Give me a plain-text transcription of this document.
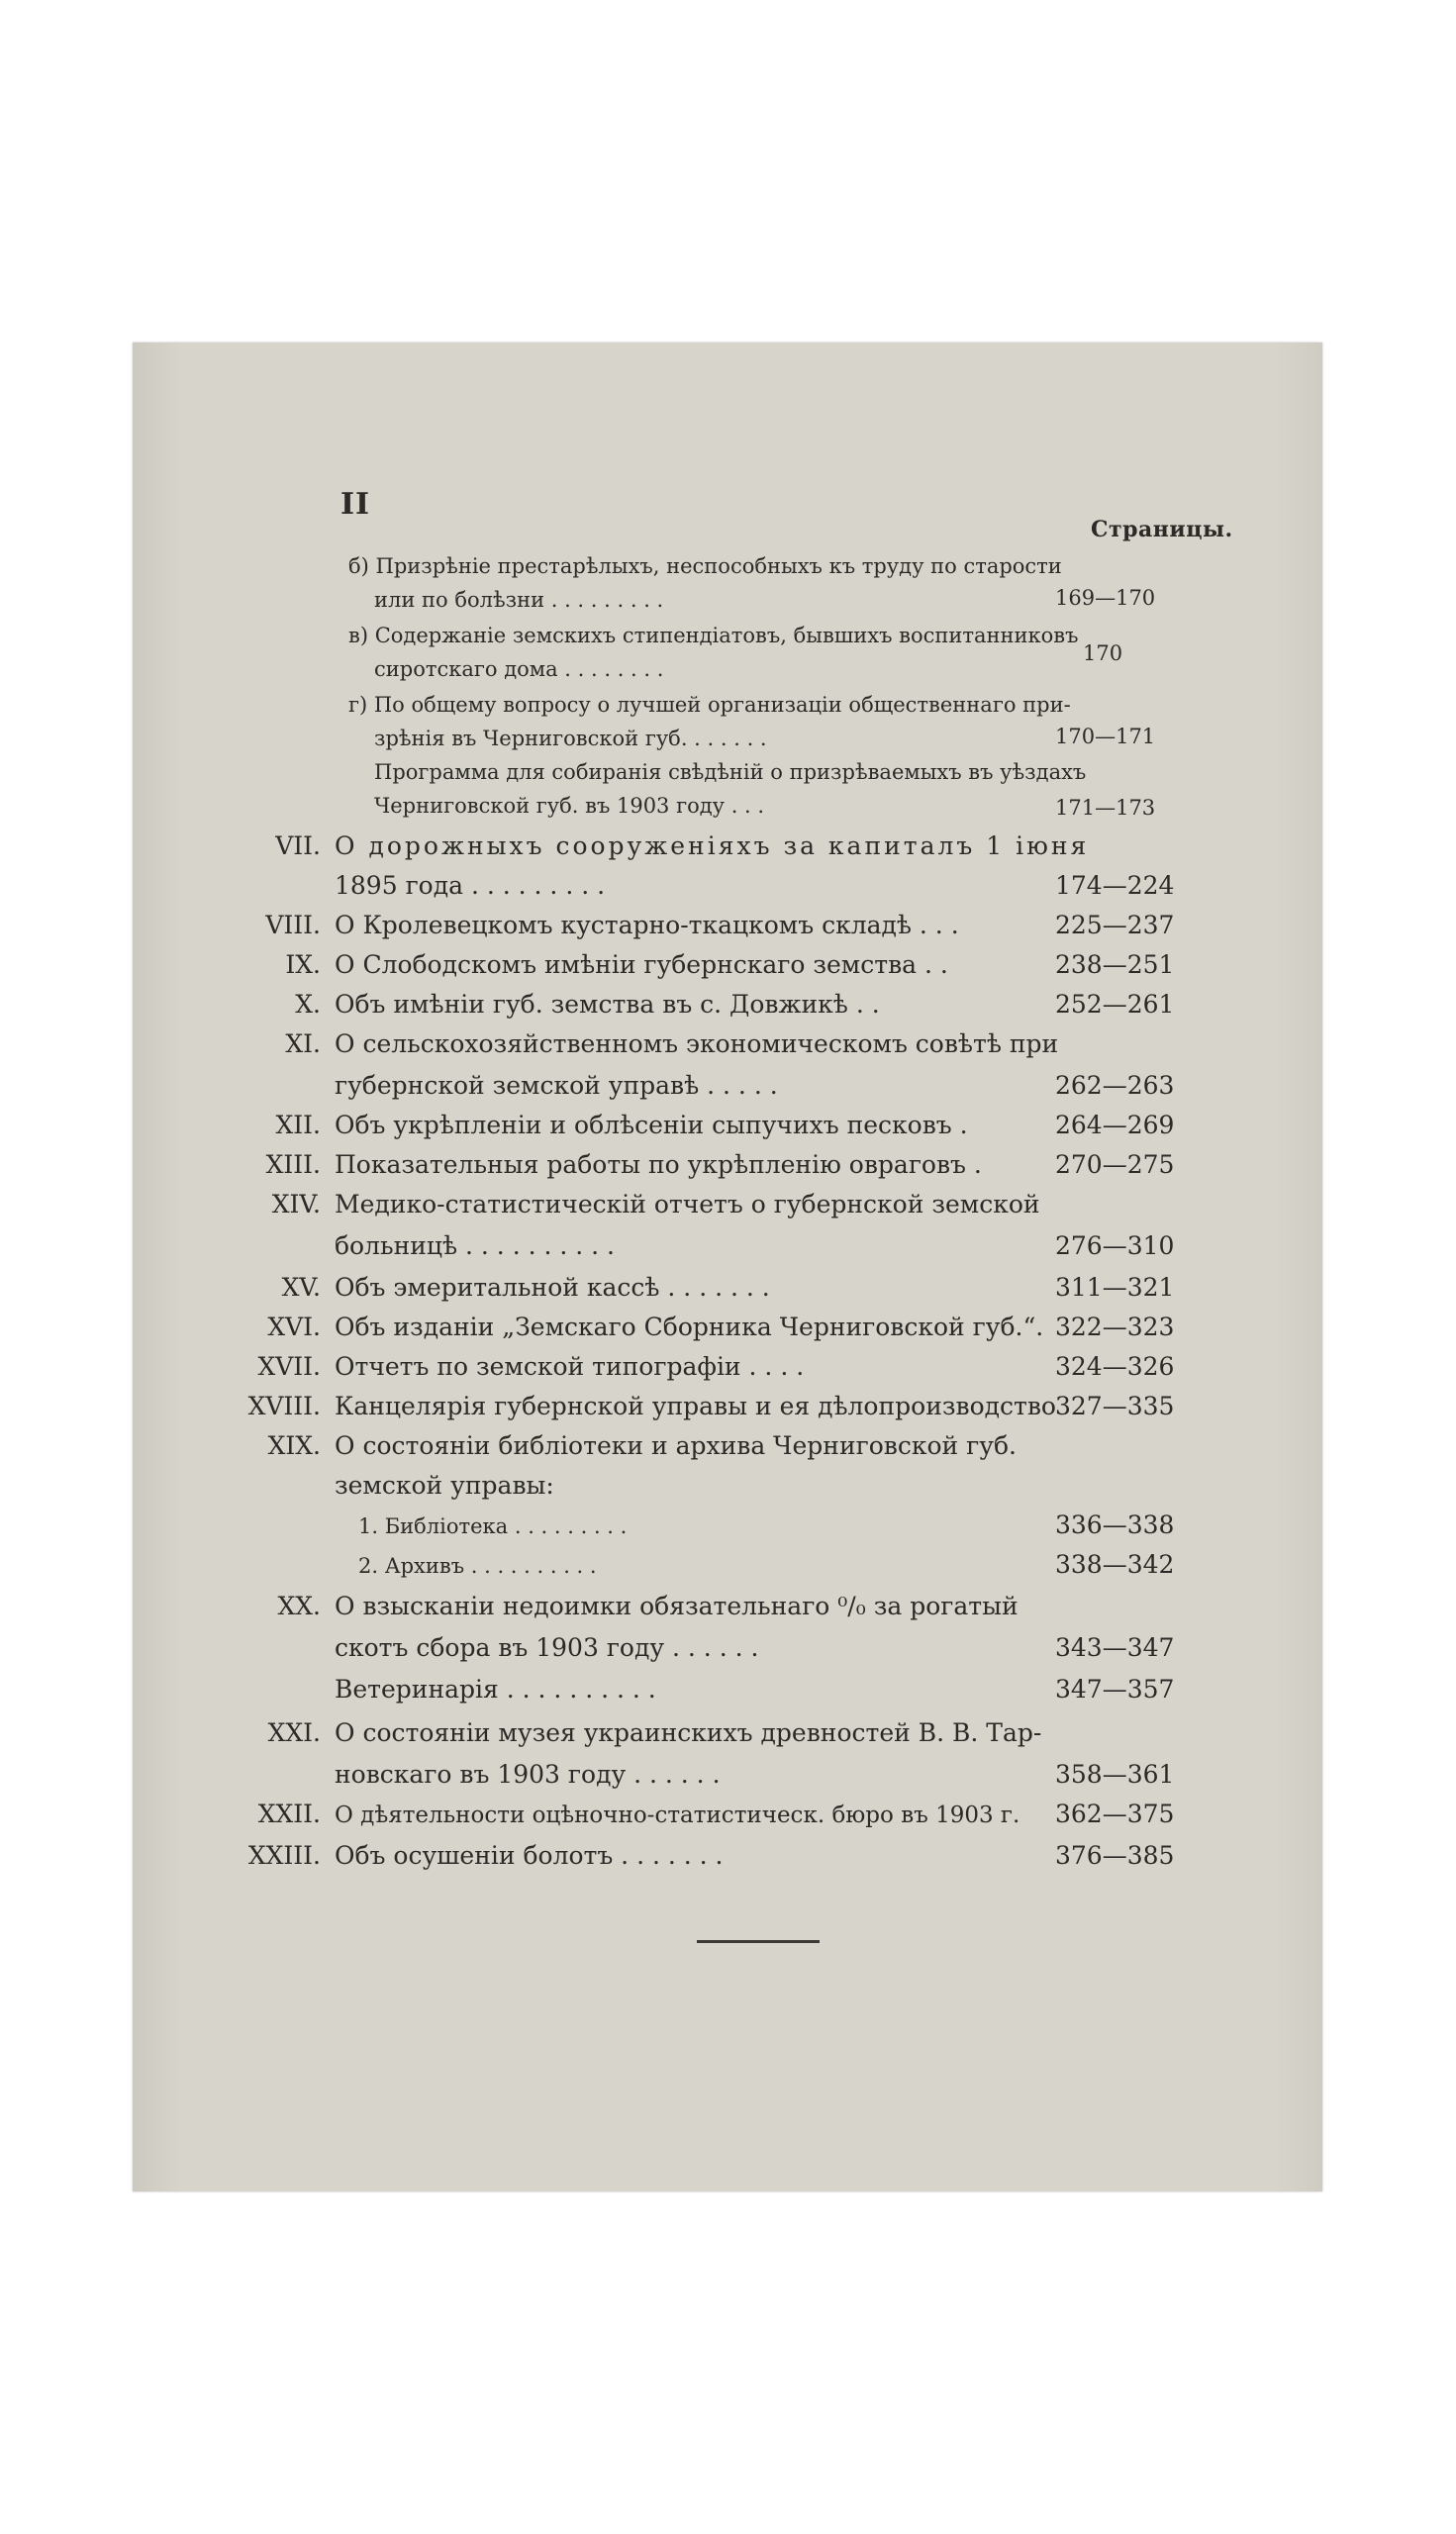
II
Страницы.
б) Призрѣніе престарѣлыхъ, неспособныхъ къ труду по старости
или по болѣзни . . . . . . . . .	169—170
в) Содержаніе земскихъ стипендіатовъ, бывшихъ воспитанниковъ
сиротскаго дома . . . . . . . .
170
г) По общему вопросу о лучшей организаціи общественнаго при-
зрѣнія въ Черниговской губ. . . . . . .	170—171
Программа для собиранія свѣдѣній о призрѣваемыхъ въ уѣздахъ
Черниговской губ. въ 1903 году . . .	171—173
VII. О дорожныхъ сооруженіяхъ за капиталъ 1 іюня
1895 года . . . . . . . . .	174—224
VIII. О Кролевецкомъ кустарно-ткацкомъ складѣ . . .	225—237
IX. О Слободскомъ имѣніи губернскаго земства . .	238—251
X. Объ имѣніи губ. земства въ с. Довжикѣ . .	252—261
XI. О сельскохозяйственномъ экономическомъ совѣтѣ при
губернской земской управѣ . . . . .	262—263
XII. Объ укрѣпленіи и облѣсеніи сыпучихъ песковъ .	264—269
XIII. Показательныя работы по укрѣпленію овраговъ .	270—275
XIV. Медико-статистическій отчетъ о губернской земской
больницѣ . . . . . . . . . .	276—310
XV. Объ эмеритальной кассѣ . . . . . . .	311—321
XVI. Объ изданіи „Земскаго Сборника Черниговской губ.“. 322—323
XVII. Отчетъ по земской типографіи . . . .	324—326
XVIII. Канцелярія губернской управы и ея дѣлопроизводство 327—335
XIX. О состояніи библіотеки и архива Черниговской губ.
земской управы:
1. Библіотека . . . . . . . . .	336—338
2. Архивъ . . . . . . . . . .	338—342
XX. О взысканіи недоимки обязательнаго ⁰/₀ за рогатый
скотъ сбора въ 1903 году . . . . . .	343—347
Ветеринарія . . . . . . . . . .	347—357
XXI. О состояніи музея украинскихъ древностей В. В. Тар-
новскаго въ 1903 году . . . . . .	358—361
XXII. О дѣятельности оцѣночно-статистическ. бюро въ 1903 г. 362—375
XXIII. Объ осушеніи болотъ . . . . . . .	376—385
